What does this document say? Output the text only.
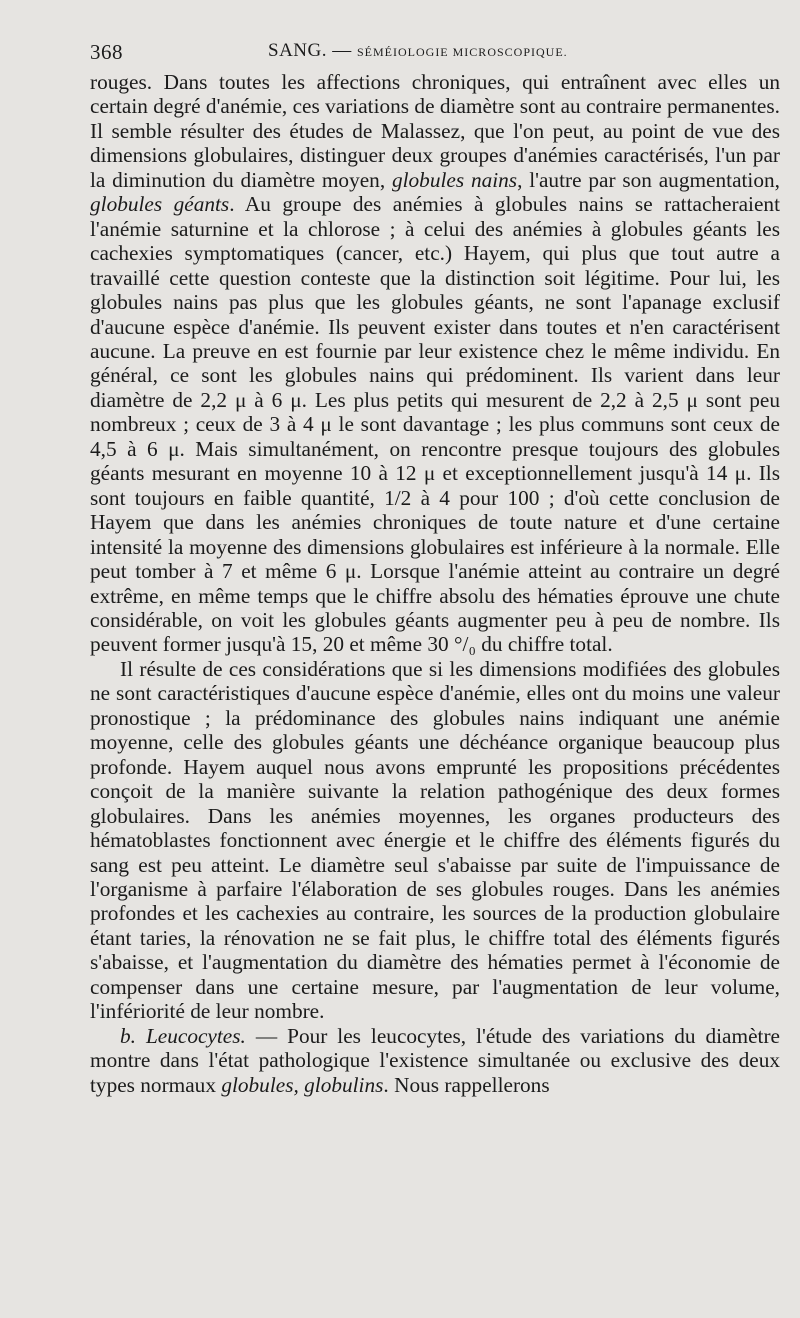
368	SANG. — SÉMÉIOLOGIE MICROSCOPIQUE.

rouges. Dans toutes les affections chroniques, qui entraînent avec elles un certain degré d'anémie, ces variations de diamètre sont au contraire permanentes. Il semble résulter des études de Malassez, que l'on peut, au point de vue des dimensions globulaires, distinguer deux groupes d'anémies caractérisés, l'un par la diminution du diamètre moyen, globules nains, l'autre par son augmentation, globules géants. Au groupe des anémies à globules nains se rattacheraient l'anémie saturnine et la chlorose ; à celui des anémies à globules géants les cachexies symptomatiques (cancer, etc.) Hayem, qui plus que tout autre a travaillé cette question conteste que la distinction soit légitime. Pour lui, les globules nains pas plus que les globules géants, ne sont l'apanage exclusif d'aucune espèce d'anémie. Ils peuvent exister dans toutes et n'en caractérisent aucune. La preuve en est fournie par leur existence chez le même individu. En général, ce sont les globules nains qui prédominent. Ils varient dans leur diamètre de 2,2 μ à 6 μ. Les plus petits qui mesurent de 2,2 à 2,5 μ sont peu nombreux ; ceux de 3 à 4 μ le sont davantage ; les plus communs sont ceux de 4,5 à 6 μ. Mais simultanément, on rencontre presque toujours des globules géants mesurant en moyenne 10 à 12 μ et exceptionnellement jusqu'à 14 μ. Ils sont toujours en faible quantité, 1/2 à 4 pour 100 ; d'où cette conclusion de Hayem que dans les anémies chroniques de toute nature et d'une certaine intensité la moyenne des dimensions globulaires est inférieure à la normale. Elle peut tomber à 7 et même 6 μ. Lorsque l'anémie atteint au contraire un degré extrême, en même temps que le chiffre absolu des hématies éprouve une chute considérable, on voit les globules géants augmenter peu à peu de nombre. Ils peuvent former jusqu'à 15, 20 et même 30 °/₀ du chiffre total.

Il résulte de ces considérations que si les dimensions modifiées des globules ne sont caractéristiques d'aucune espèce d'anémie, elles ont du moins une valeur pronostique ; la prédominance des globules nains indiquant une anémie moyenne, celle des globules géants une déchéance organique beaucoup plus profonde. Hayem auquel nous avons emprunté les propositions précédentes conçoit de la manière suivante la relation pathogénique des deux formes globulaires. Dans les anémies moyennes, les organes producteurs des hématoblastes fonctionnent avec énergie et le chiffre des éléments figurés du sang est peu atteint. Le diamètre seul s'abaisse par suite de l'impuissance de l'organisme à parfaire l'élaboration de ses globules rouges. Dans les anémies profondes et les cachexies au contraire, les sources de la production globulaire étant taries, la rénovation ne se fait plus, le chiffre total des éléments figurés s'abaisse, et l'augmentation du diamètre des hématies permet à l'économie de compenser dans une certaine mesure, par l'augmentation de leur volume, l'infériorité de leur nombre.

b. Leucocytes. — Pour les leucocytes, l'étude des variations du diamètre montre dans l'état pathologique l'existence simultanée ou exclusive des deux types normaux globules, globulins. Nous rappellerons
